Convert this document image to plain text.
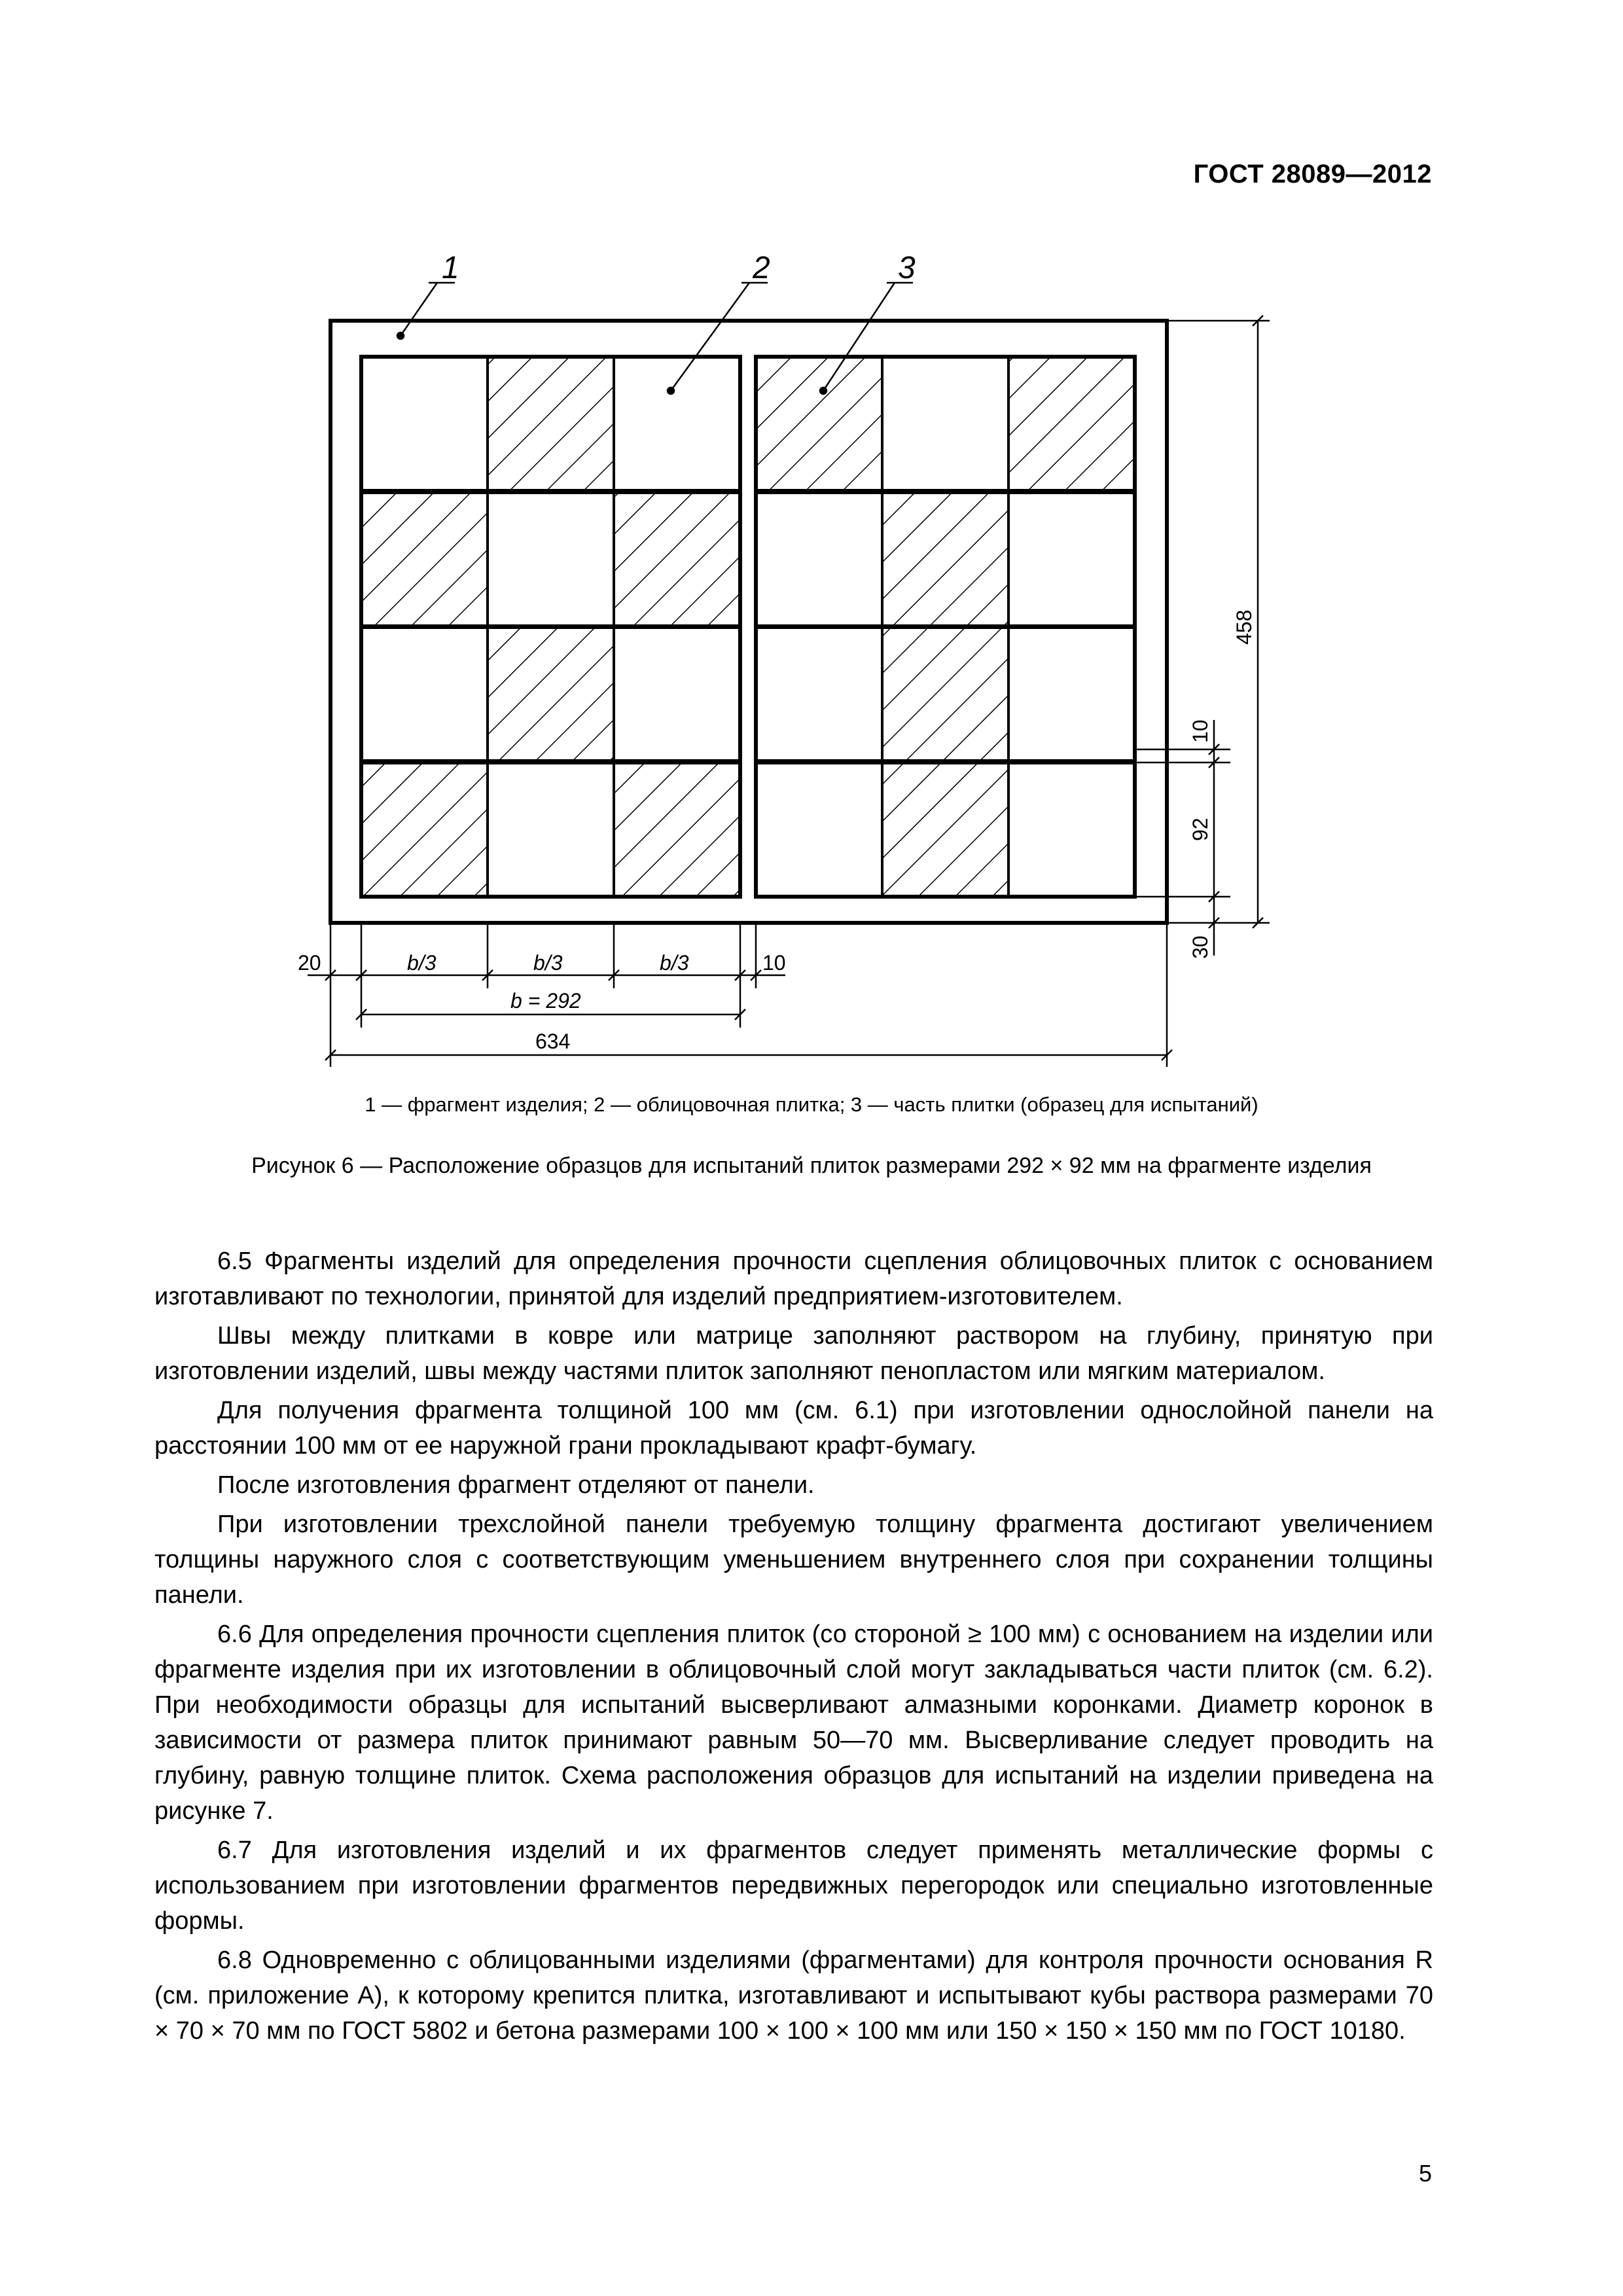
ГОСТ 28089—2012
1	2	3
20	b/3	b/3	b/3	10
b = 292
634
458
10
92
30
1 — фрагмент изделия; 2 — облицовочная плитка; 3 — часть плитки (образец для испытаний)
Рисунок 6 — Расположение образцов для испытаний плиток размерами 292 × 92 мм на фрагменте изделия

6.5 Фрагменты изделий для определения прочности сцепления облицовочных плиток с основанием изготавливают по технологии, принятой для изделий предприятием-изготовителем.

Швы между плитками в ковре или матрице заполняют раствором на глубину, принятую при изготовлении изделий, швы между частями плиток заполняют пенопластом или мягким материалом.

Для получения фрагмента толщиной 100 мм (см. 6.1) при изготовлении однослойной панели на расстоянии 100 мм от ее наружной грани прокладывают крафт-бумагу.

После изготовления фрагмент отделяют от панели.

При изготовлении трехслойной панели требуемую толщину фрагмента достигают увеличением толщины наружного слоя с соответствующим уменьшением внутреннего слоя при сохранении толщины панели.

6.6 Для определения прочности сцепления плиток (со стороной ≥ 100 мм) с основанием на изделии или фрагменте изделия при их изготовлении в облицовочный слой могут закладываться части плиток (см. 6.2). При необходимости образцы для испытаний высверливают алмазными коронками. Диаметр коронок в зависимости от размера плиток принимают равным 50—70 мм. Высверливание следует проводить на глубину, равную толщине плиток. Схема расположения образцов для испытаний на изделии приведена на рисунке 7.

6.7 Для изготовления изделий и их фрагментов следует применять металлические формы с использованием при изготовлении фрагментов передвижных перегородок или специально изготовленные формы.

6.8 Одновременно с облицованными изделиями (фрагментами) для контроля прочности основания R (см. приложение А), к которому крепится плитка, изготавливают и испытывают кубы раствора размерами 70 × 70 × 70 мм по ГОСТ 5802 и бетона размерами 100 × 100 × 100 мм или 150 × 150 × 150 мм по ГОСТ 10180.

5
